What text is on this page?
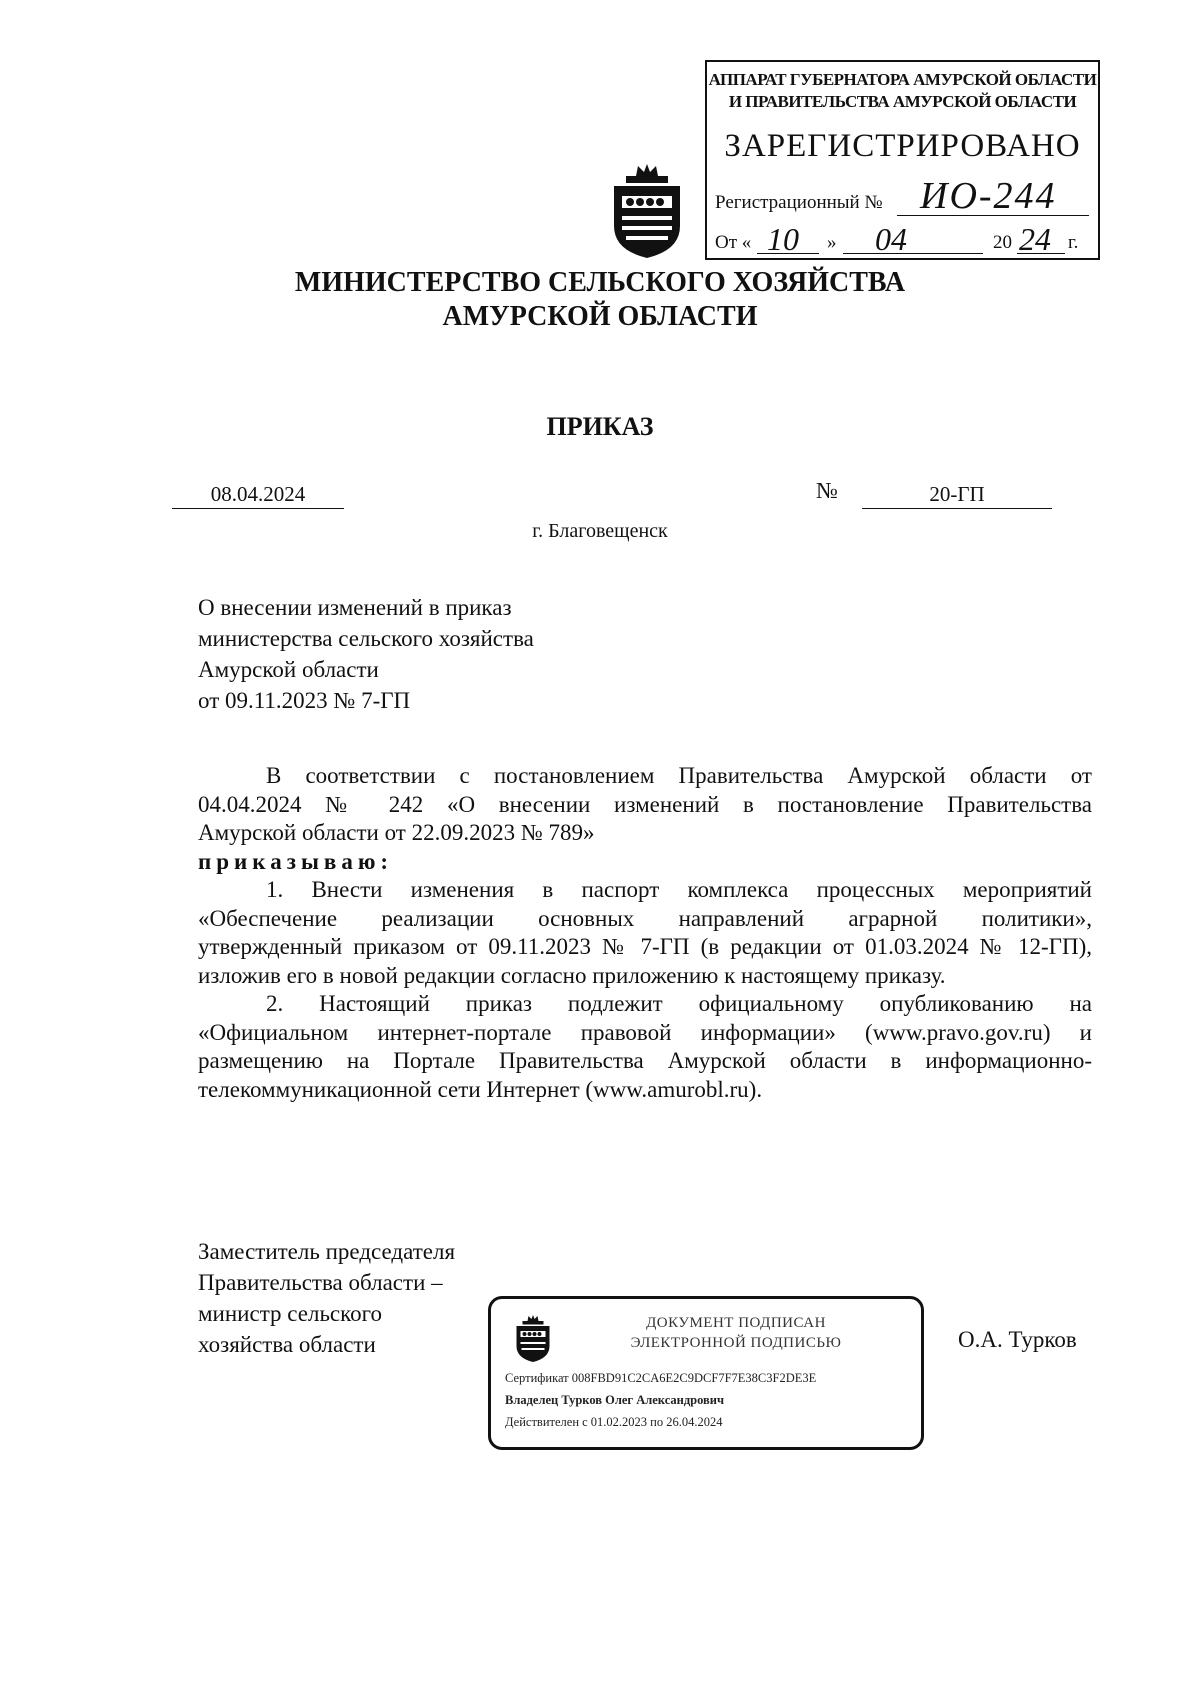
АППАРАТ ГУБЕРНАТОРА АМУРСКОЙ ОБЛАСТИ
И ПРАВИТЕЛЬСТВА АМУРСКОЙ ОБЛАСТИ
ЗАРЕГИСТРИРОВАНО
Регистрационный № ИО-244
От « 10 » 04	20 24 г.
МИНИСТЕРСТВО СЕЛЬСКОГО ХОЗЯЙСТВА
АМУРСКОЙ ОБЛАСТИ
ПРИКАЗ
08.04.2024	№	20-ГП
г. Благовещенск
О внесении изменений в приказ
министерства сельского хозяйства
Амурской области
от 09.11.2023 № 7-ГП
В соответствии с постановлением Правительства Амурской области от
04.04.2024 № 242 «О внесении изменений в постановление Правительства
Амурской области от 22.09.2023 № 789»
приказываю:
1. Внести изменения в паспорт комплекса процессных мероприятий
«Обеспечение реализации основных направлений аграрной политики»,
утвержденный приказом от 09.11.2023 № 7-ГП (в редакции от 01.03.2024 № 12-ГП),
изложив его в новой редакции согласно приложению к настоящему приказу.
2. Настоящий приказ подлежит официальному опубликованию на
«Официальном интернет-портале правовой информации» (www.pravo.gov.ru) и
размещению на Портале Правительства Амурской области в информационно-
телекоммуникационной сети Интернет (www.amurobl.ru).
Заместитель председателя
Правительства области –
министр сельского
хозяйства области
ДОКУМЕНТ ПОДПИСАН
ЭЛЕКТРОННОЙ ПОДПИСЬЮ
Сертификат 008FBD91C2CA6E2C9DCF7F7E38C3F2DE3E
Владелец Турков Олег Александрович
Действителен с 01.02.2023 по 26.04.2024
О.А. Турков
